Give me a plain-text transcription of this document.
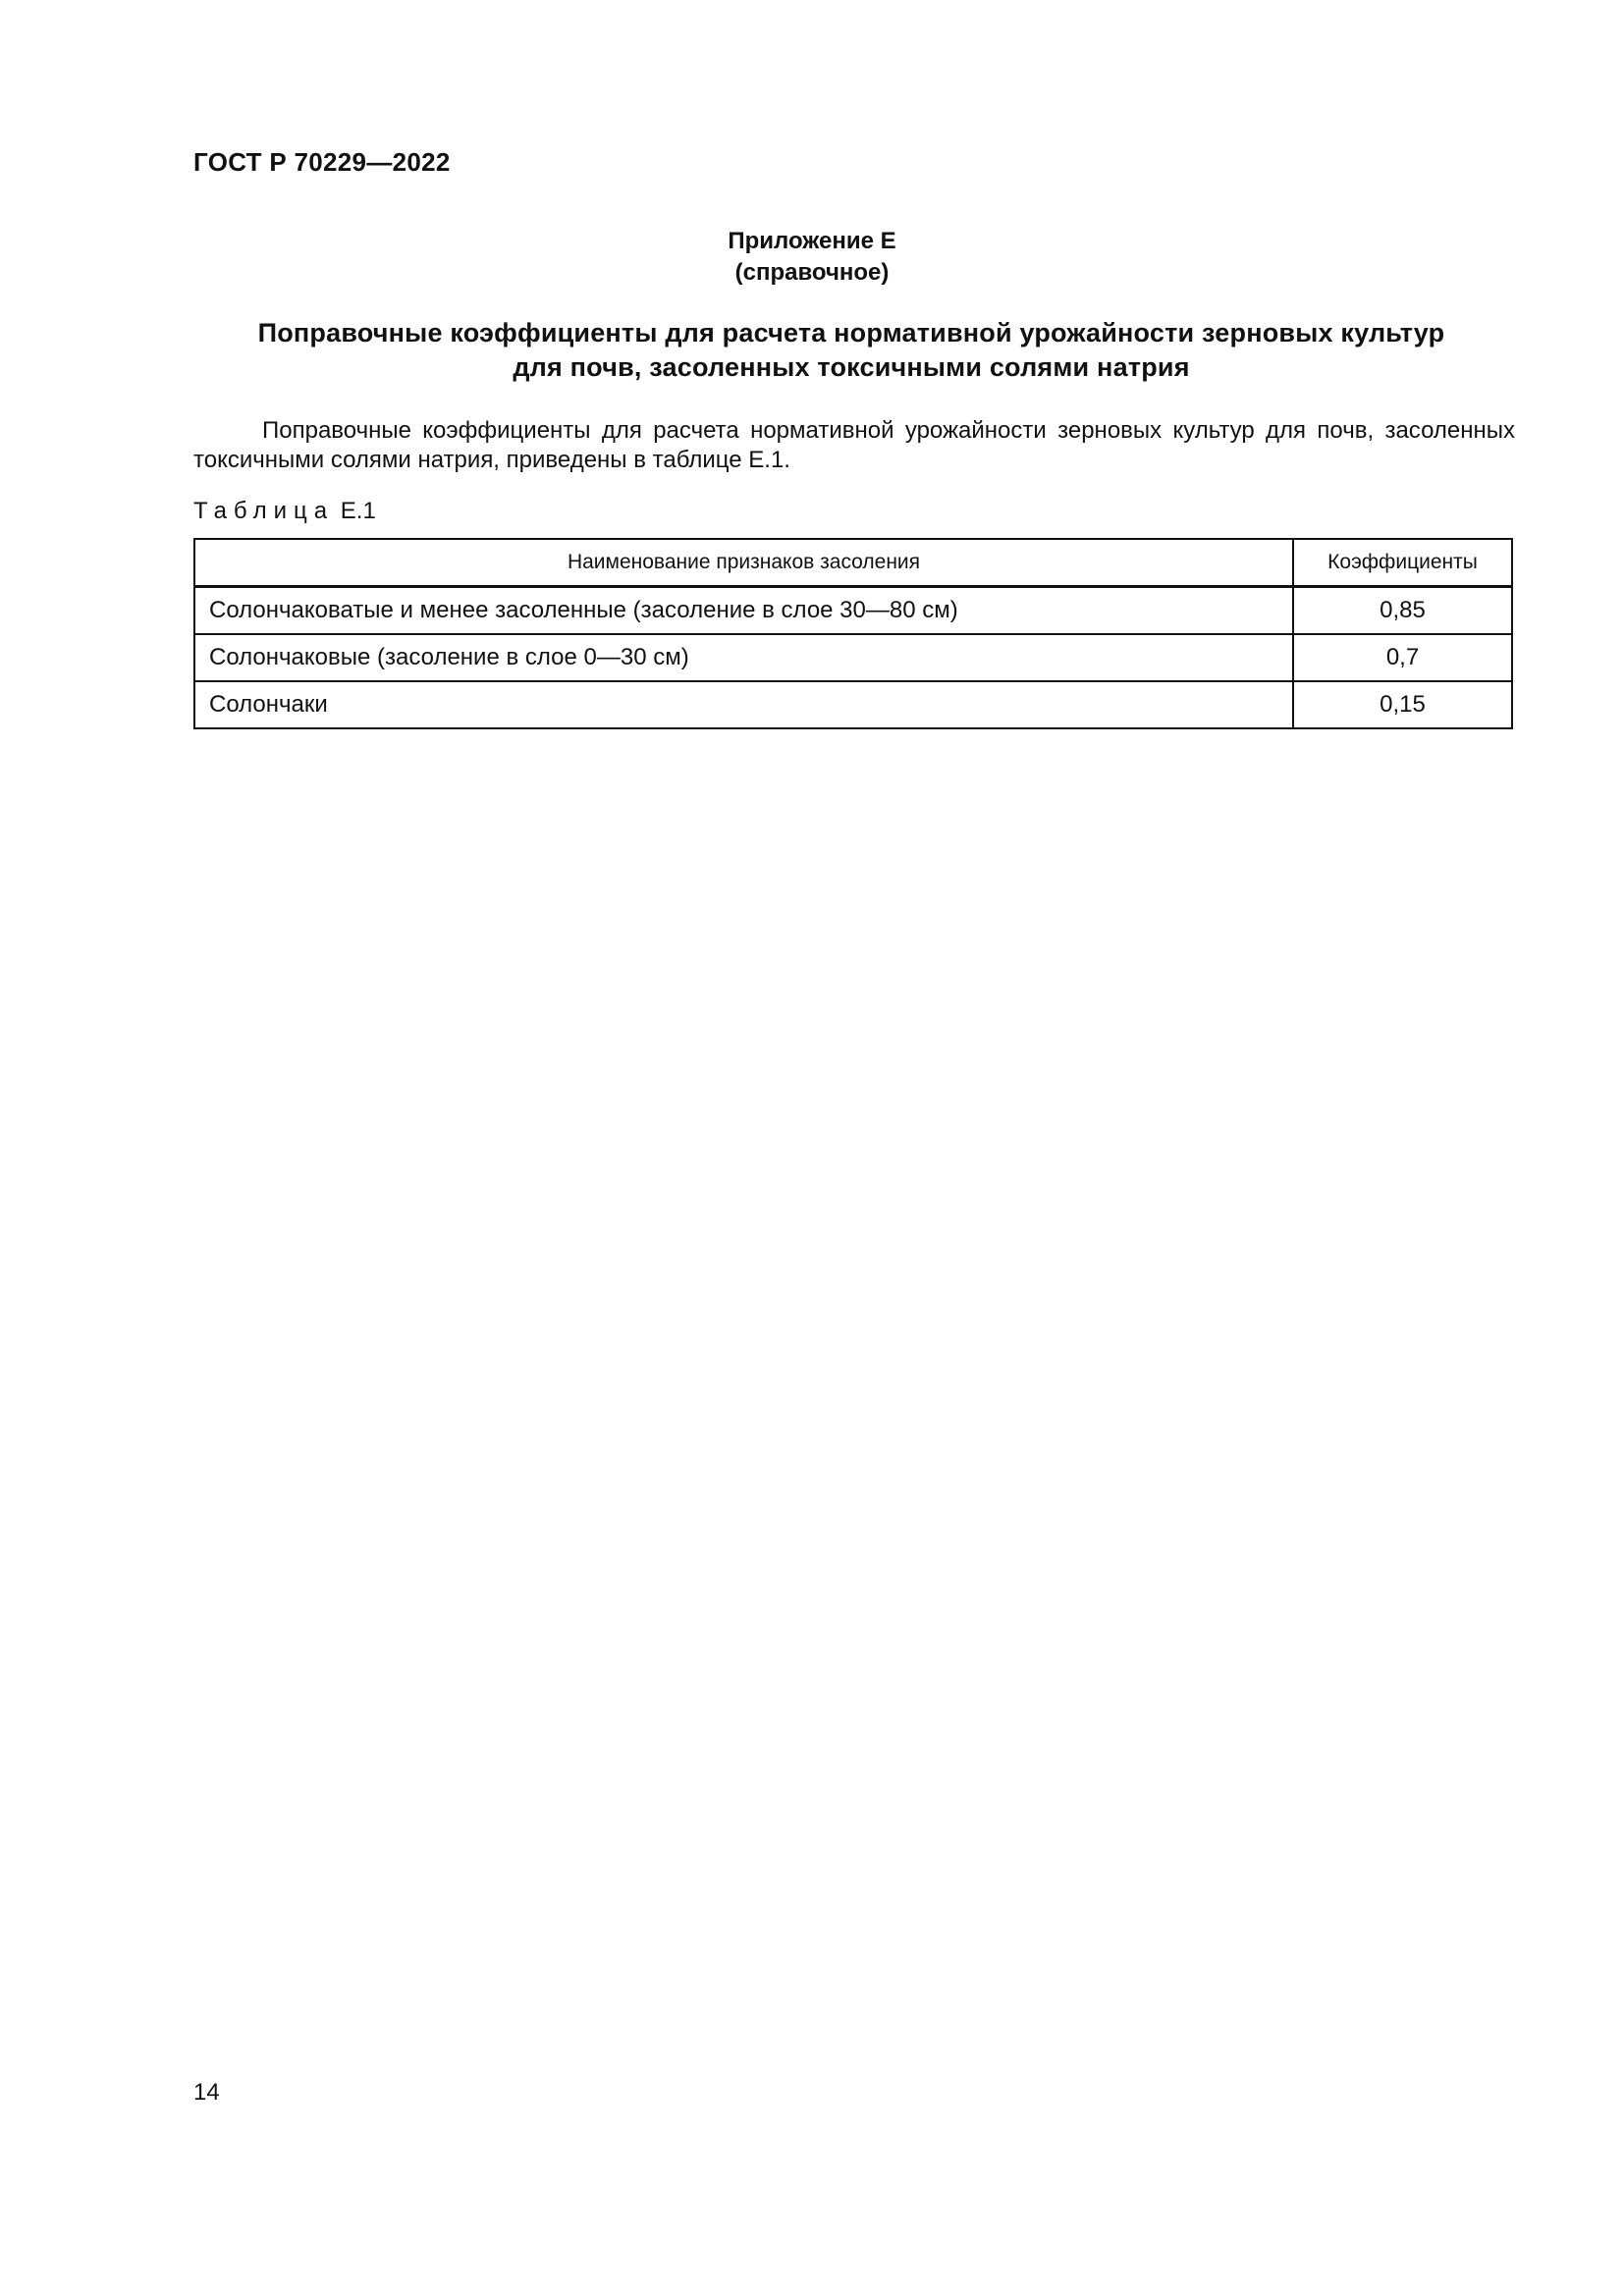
ГОСТ Р 70229—2022
Приложение Е
(справочное)
Поправочные коэффициенты для расчета нормативной урожайности зерновых культур
для почв, засоленных токсичными солями натрия
Поправочные коэффициенты для расчета нормативной урожайности зерновых культур для почв, засоленных токсичными солями натрия, приведены в таблице Е.1.
Таблица Е.1
Наименование признаков засоления	Коэффициенты
Солончаковатые и менее засоленные (засоление в слое 30—80 см)	0,85
Солончаковые (засоление в слое 0—30 см)	0,7
Солончаки	0,15
14
